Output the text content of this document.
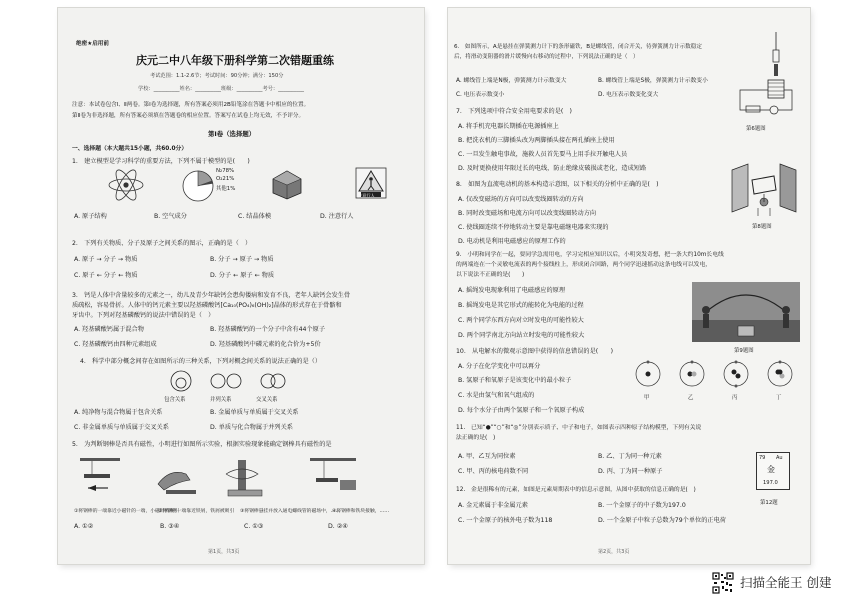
绝密★启用前
庆元二中八年级下册科学第二次错题重练
考试范围：1.1-2.6节；考试时间：90分钟；满分：150分
学校：__________姓名：__________班级：__________考号：__________
注意：本试卷包含Ⅰ、Ⅱ两卷。第Ⅰ卷为选择题，所有答案必须用2B铅笔涂在答题卡中相应的位置。
第Ⅱ卷为非选择题，所有答案必须填在答题卷的相应位置。答案写在试卷上均无效，不予评分。
第Ⅰ卷（选择题）
一、选择题（本大题共15小题，共60.0分）
1.　建立模型是学习科学的重要方法，下列不属于模型的是(　　)
N₂78%
O₂21%
其他1%
注意行人
A. 原子结构	B. 空气成分	C. 结晶体模	D. 注意行人
2.　下列有关物质、分子及原子之间关系的图示，正确的是（　）
A. 原子 → 分子 → 物质	B. 分子 → 原子 → 物质
C. 原子 ← 分子 ← 物质	D. 分子 ← 原子 ← 物质
3.　钙是人体中含量较多的元素之一，幼儿及青少年缺钙会患佝偻病和发育不良，老年人缺钙会发生骨
质疏松，容易骨折。人体中的钙元素主要以羟基磷酸钙[Ca₁₀(PO₄)₆(OH)₂]晶体的形式存在于骨骼和
牙齿中。下列对羟基磷酸钙的说法中错误的是（　）
A. 羟基磷酸钙属于混合物	B. 羟基磷酸钙的一个分子中含有44个原子
C. 羟基磷酸钙由四种元素组成	D. 羟基磷酸钙中磷元素的化合价为+5价
4.　科学中部分概念间存在如图所示的三种关系，下列对概念间关系的说法正确的是（）
包含关系	并列关系	交叉关系
A. 纯净物与混合物属于包含关系	B. 金属单质与单质属于交叉关系
C. 非金属单质与单质属于交叉关系	D. 单质与化合物属于并列关系
5.　为判断钢棒是否具有磁性，小明进行如图所示实验，根据实验现象能确定钢棒具有磁性的是
①将钢棒的一端靠近小磁针的一端，小磁针被吸引
②将钢棒一端靠近铁屑，铁屑被吸引 ③将钢棒悬挂并放入通电螺线管的磁场中，……
④将钢棒和铁块接触，……
A. ①②	B. ③④	C. ①③	D. ②④
第1页，共3页
6.　如图所示，A是悬挂在弹簧测力计下的条形磁铁，B是螺线管，闭合开关，待弹簧测力计示数稳定
后，将滑动变阻器的滑片缓慢向右移动的过程中，下列说法正确的是（　）
A. 螺线管上端是N极，弹簧测力计示数变大	B. 螺线管上端是S极，弹簧测力计示数变小
C. 电压表示数变小	D. 电压表示数变化变大
第6题图
7.　下列选项中符合安全用电要求的是(　)
A. 将手机充电器长期插在电源插座上
B. 把洗衣机的三脚插头改为两脚插头接在两孔插座上使用
C. 一旦发生触电事故，施救人员首先要马上用手拉开触电人员
D. 及时更换使用年限过长的电线，防止绝缘皮破损或老化，造成短路
8.　如图为直流电动机的基本构造示意图，以下相关的分析中正确的是(　)
A. 仅改变磁场的方向可以改变线圈转动的方向
B. 同时改变磁场和电流方向可以改变线圈转动方向
C. 使线圈连续不停地转动主要是靠电磁继电器来实现的
D. 电动机是利用电磁感应的原理工作的
第8题图
9.　小明和同学在一起，要同学急需用电，学习完相应知识以后，小明突发奇想，把一条大约10m长电线
的两端连在一个灵敏电流表的两个接线柱上，形成闭合回路，两个同学迅速摇动这条电线可以发电，
以下说法不正确的是(　　)
A. 摇绳发电现象利用了电磁感应的原理
B. 摇绳发电是其它形式的能转化为电能的过程
C. 两个同学东西方向对立时发电的可能性较大
D. 两个同学南北方向站立时发电的可能性较大
第9题图
10.　从电解水的微观示意图中获得的信息错误的是(　　)
A. 分子在化学变化中可以再分
B. 氢原子和氧原子是该变化中的最小粒子
C. 水是由氢气和氧气组成的
D. 每个水分子由两个氢原子和一个氧原子构成
甲	乙	丙	丁
11.　已知“●”“○”和“◎”分别表示质子、中子和电子，如图表示四种原子结构模型，下列有关说
法正确的是(　)
A. 甲、乙互为同位素	B. 乙、丁为同一种元素
C. 甲、丙的核电荷数不同	D. 丙、丁为同一种原子
12.　金是很稀有的元素，如图是元素周期表中的信息示意图，从图中获取的信息正确的是(　)
A. 金元素属于非金属元素	B. 一个金原子的中子数为197.0
C. 一个金原子的核外电子数为118	D. 一个金原子中粒子总数为79个单位的正电荷
79 Au
金
197.0
第12题
第2页，共3页
扫描全能王 创建
